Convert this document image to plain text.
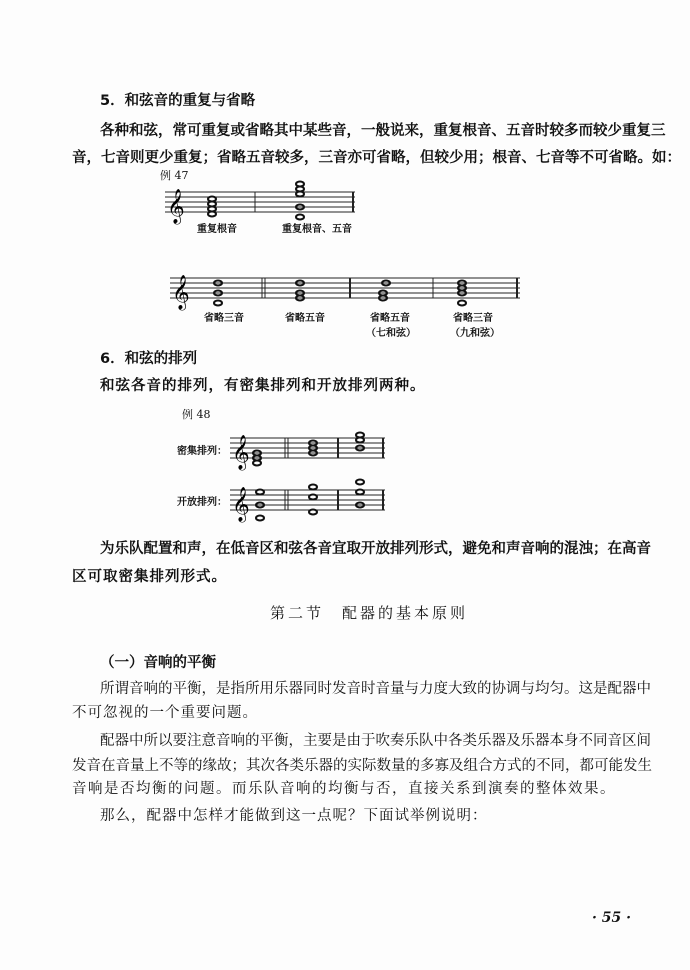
5．和弦音的重复与省略
各种和弦，常可重复或省略其中某些音，一般说来，重复根音、五音时较多而较少重复三
音，七音则更少重复；省略五音较多，三音亦可省略，但较少用；根音、七音等不可省略。如：
例 47
𝄞
重复根音	重复根音、五音
𝄞
省略三音	省略五音	省略五音	省略三音
（七和弦）	（九和弦）
6．和弦的排列
和弦各音的排列，有密集排列和开放排列两种。
例 48
密集排列：
开放排列：
𝄞
𝄞
为乐队配置和声，在低音区和弦各音宜取开放排列形式，避免和声音响的混浊；在高音
区可取密集排列形式。
第二节　配器的基本原则
（一）音响的平衡
所谓音响的平衡，是指所用乐器同时发音时音量与力度大致的协调与均匀。这是配器中
不可忽视的一个重要问题。
配器中所以要注意音响的平衡，主要是由于吹奏乐队中各类乐器及乐器本身不同音区间
发音在音量上不等的缘故；其次各类乐器的实际数量的多寡及组合方式的不同，都可能发生
音响是否均衡的问题。而乐队音响的均衡与否，直接关系到演奏的整体效果。
那么，配器中怎样才能做到这一点呢？下面试举例说明：
· 55 ·
